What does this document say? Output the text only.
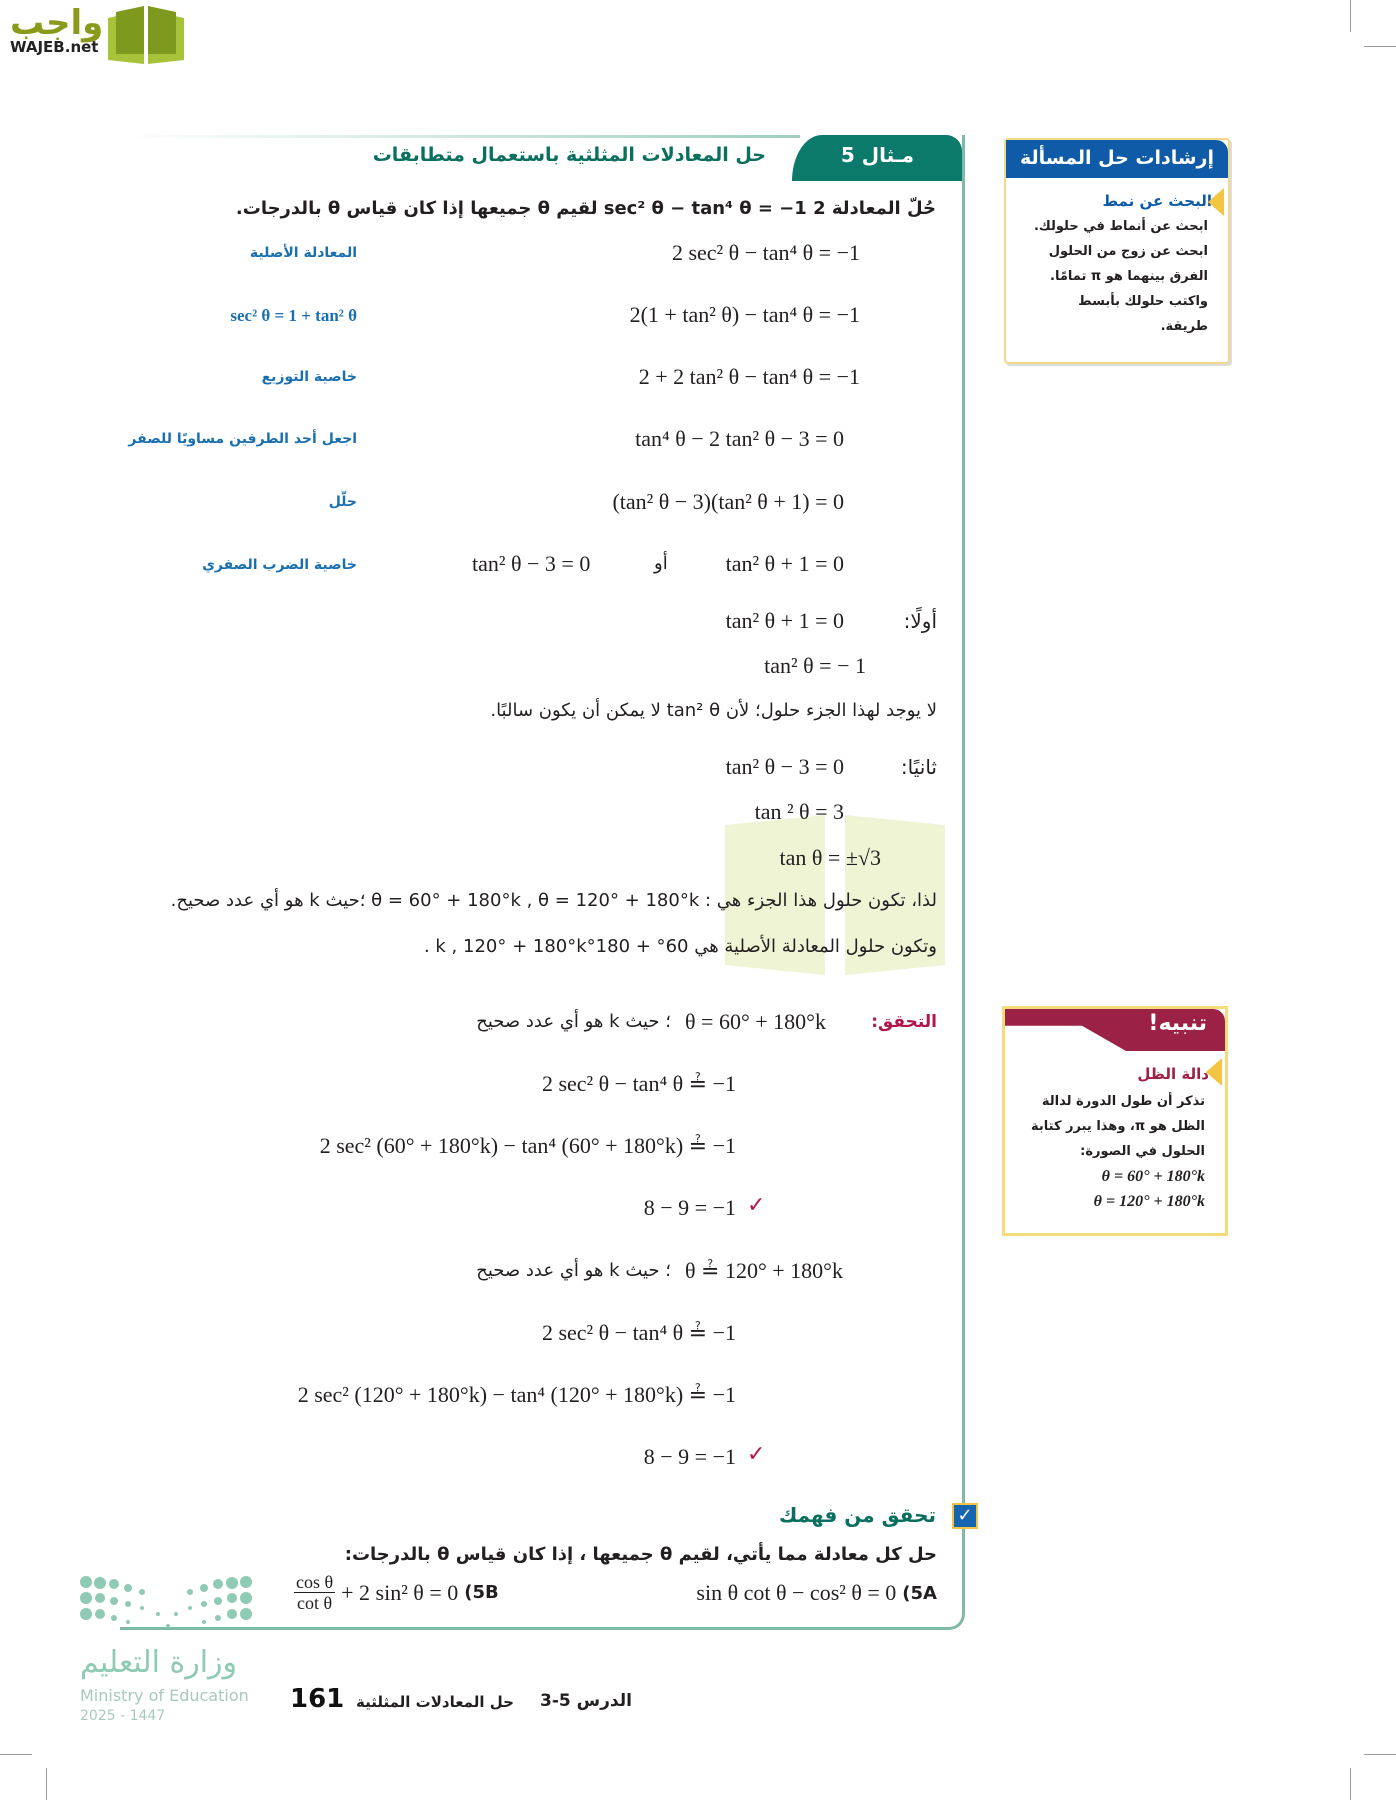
واجب
WAJEB.net
مـثال 5
حل المعادلات المثلثية باستعمال متطابقات
حُلّ المعادلة 2 sec² θ − tan⁴ θ = −1 لقيم θ جميعها إذا كان قياس θ بالدرجات.
2 sec² θ − tan⁴ θ = −1
المعادلة الأصلية
2(1 + tan² θ) − tan⁴ θ = −1
sec² θ = 1 + tan² θ
2 + 2 tan² θ − tan⁴ θ = −1
خاصية التوزيع
tan⁴ θ − 2 tan² θ − 3 = 0
اجعل أحد الطرفين مساويًا للصفر
(tan² θ − 3)(tan² θ + 1) = 0
حلّل
tan² θ − 3 = 0	أو	tan² θ + 1 = 0
خاصية الضرب الصفري
أولًا:
tan² θ + 1 = 0
tan² θ = − 1
لا يوجد لهذا الجزء حلول؛ لأن tan² θ لا يمكن أن يكون سالبًا.
ثانيًا:
tan² θ − 3 = 0
tan ² θ = 3
tan θ = ±√3
لذا، تكون حلول هذا الجزء هي : θ = 60° + 180°k , θ = 120° + 180°k ؛حيث k هو أي عدد صحيح.
وتكون حلول المعادلة الأصلية هي 60° + 180°k , 120° + 180°k .
التحقق:
θ = 60° + 180°k
؛ حيث k هو أي عدد صحيح
2 sec² θ − tan⁴ θ ≟ −1
2 sec² (60° + 180°k) − tan⁴ (60° + 180°k) ≟ −1
8 − 9 = −1 ✓
θ ≟ 120° + 180°k
؛ حيث k هو أي عدد صحيح
2 sec² θ − tan⁴ θ ≟ −1
2 sec² (120° + 180°k) − tan⁴ (120° + 180°k) ≟ −1
8 − 9 = −1 ✓
✓
تحقق من فهمك
حل كل معادلة مما يأتي، لقيم θ جميعها ، إذا كان قياس θ بالدرجات:
sin θ cot θ − cos² θ = 0 5A)
$\frac{\text{cos θ}}{\text{cot θ}} + 2$ sin² θ = 0 5B)
إرشادات حل المسألة
البحث عن نمط
ابحث عن أنماط في حلولك.
ابحث عن زوج من الحلول
الفرق بينهما هو π تمامًا.
واكتب حلولك بأبسط
طريقة.
تنبيه!
دالة الظل
تذكر أن طول الدورة لدالة
الظل هو π، وهذا يبرر كتابة
الحلول في الصورة:
θ = 60° + 180°k
θ = 120° + 180°k
وزارة التعليم
Ministry of Education
2025 - 1447
161 حل المعادلات المثلثية الدرس 5-3
